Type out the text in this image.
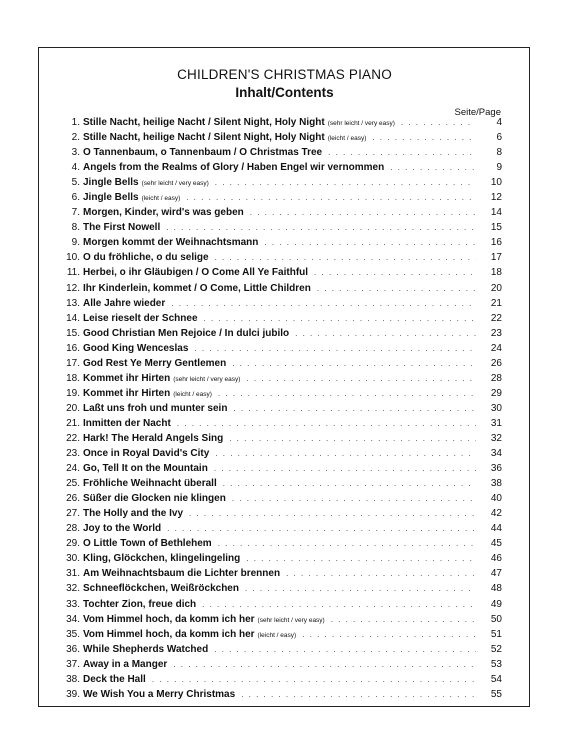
CHILDREN'S CHRISTMAS PIANO
Inhalt/Contents
Seite/Page
1. Stille Nacht, heilige Nacht / Silent Night, Holy Night (sehr leicht / very easy) . . .	4
2. Stille Nacht, heilige Nacht / Silent Night, Holy Night (leicht / easy) . . .	6
3. O Tannenbaum, o Tannenbaum / O Christmas Tree . . .	8
4. Angels from the Realms of Glory / Haben Engel wir vernommen . . .	9
5. Jingle Bells (sehr leicht / very easy) . . .	10
6. Jingle Bells (leicht / easy) . . .	12
7. Morgen, Kinder, wird's was geben . . .	14
8. The First Nowell . . .	15
9. Morgen kommt der Weihnachtsmann . . .	16
10. O du fröhliche, o du selige . . .	17
11. Herbei, o ihr Gläubigen / O Come All Ye Faithful . . .	18
12. Ihr Kinderlein, kommet / O Come, Little Children . . .	20
13. Alle Jahre wieder . . .	21
14. Leise rieselt der Schnee . . .	22
15. Good Christian Men Rejoice / In dulci jubilo . . .	23
16. Good King Wenceslas . . .	24
17. God Rest Ye Merry Gentlemen . . .	26
18. Kommet ihr Hirten (sehr leicht / very easy) . . .	28
19. Kommet ihr Hirten (leicht / easy) . . .	29
20. Laßt uns froh und munter sein . . .	30
21. Inmitten der Nacht . . .	31
22. Hark! The Herald Angels Sing . . .	32
23. Once in Royal David's City . . .	34
24. Go, Tell It on the Mountain . . .	36
25. Fröhliche Weihnacht überall . . .	38
26. Süßer die Glocken nie klingen . . .	40
27. The Holly and the Ivy . . .	42
28. Joy to the World . . .	44
29. O Little Town of Bethlehem . . .	45
30. Kling, Glöckchen, klingelingeling . . .	46
31. Am Weihnachtsbaum die Lichter brennen . . .	47
32. Schneeflöckchen, Weißröckchen . . .	48
33. Tochter Zion, freue dich . . .	49
34. Vom Himmel hoch, da komm ich her (sehr leicht / very easy) . . .	50
35. Vom Himmel hoch, da komm ich her (leicht / easy) . . .	51
36. While Shepherds Watched . . .	52
37. Away in a Manger . . .	53
38. Deck the Hall . . .	54
39. We Wish You a Merry Christmas . . .	55
